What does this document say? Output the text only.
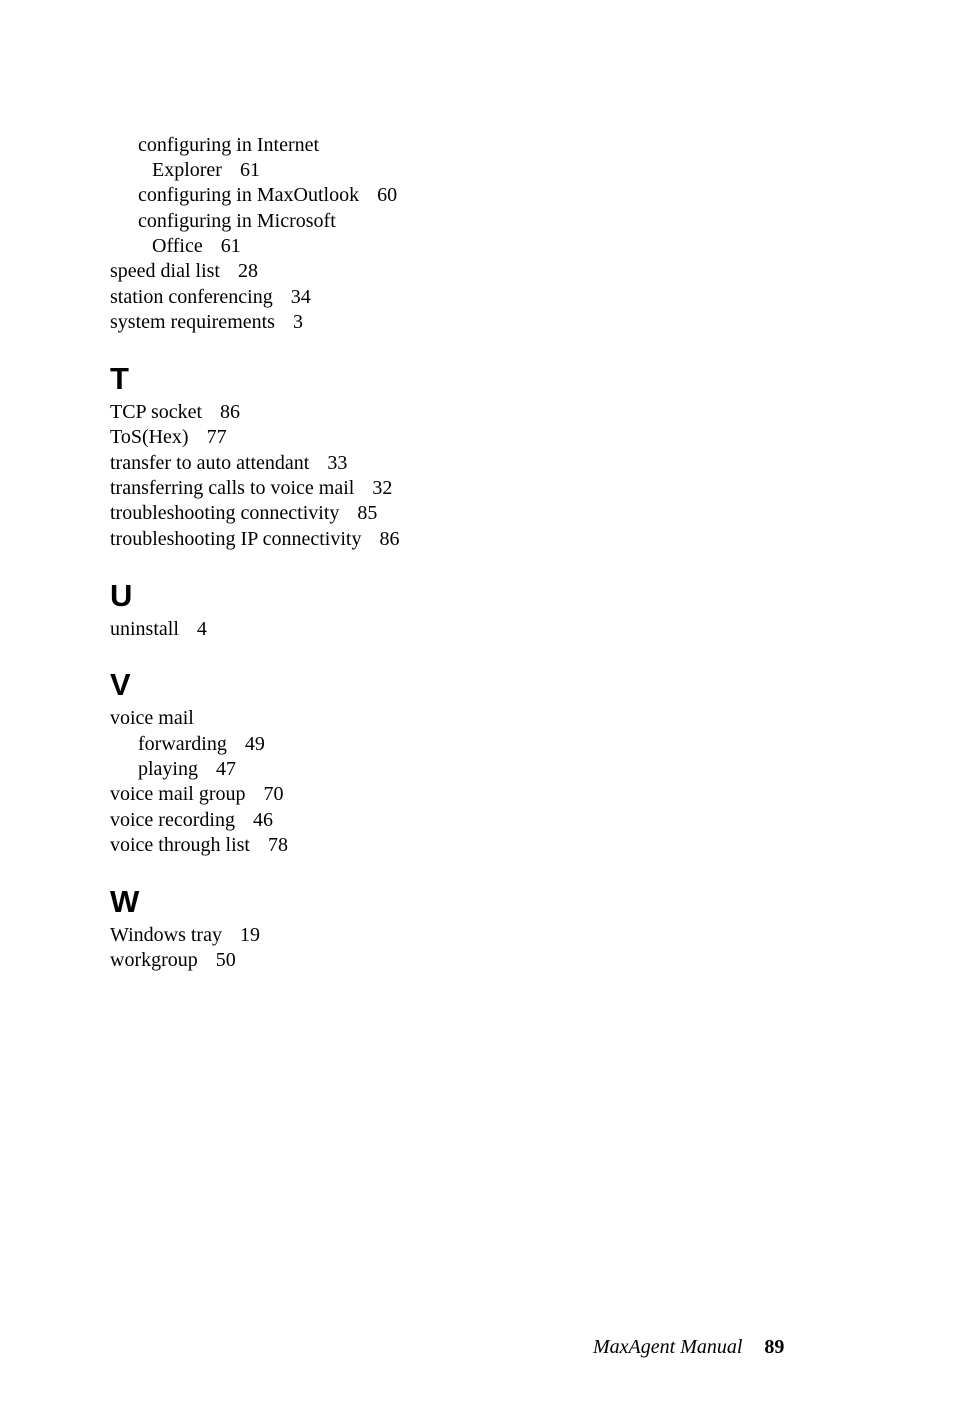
configuring in Internet
Explorer 61
configuring in MaxOutlook 60
configuring in Microsoft
Office 61
speed dial list 28
station conferencing 34
system requirements 3
T
TCP socket 86
ToS(Hex) 77
transfer to auto attendant 33
transferring calls to voice mail 32
troubleshooting connectivity 85
troubleshooting IP connectivity 86
U
uninstall 4
V
voice mail
forwarding 49
playing 47
voice mail group 70
voice recording 46
voice through list 78
W
Windows tray 19
workgroup 50
MaxAgent Manual 89
